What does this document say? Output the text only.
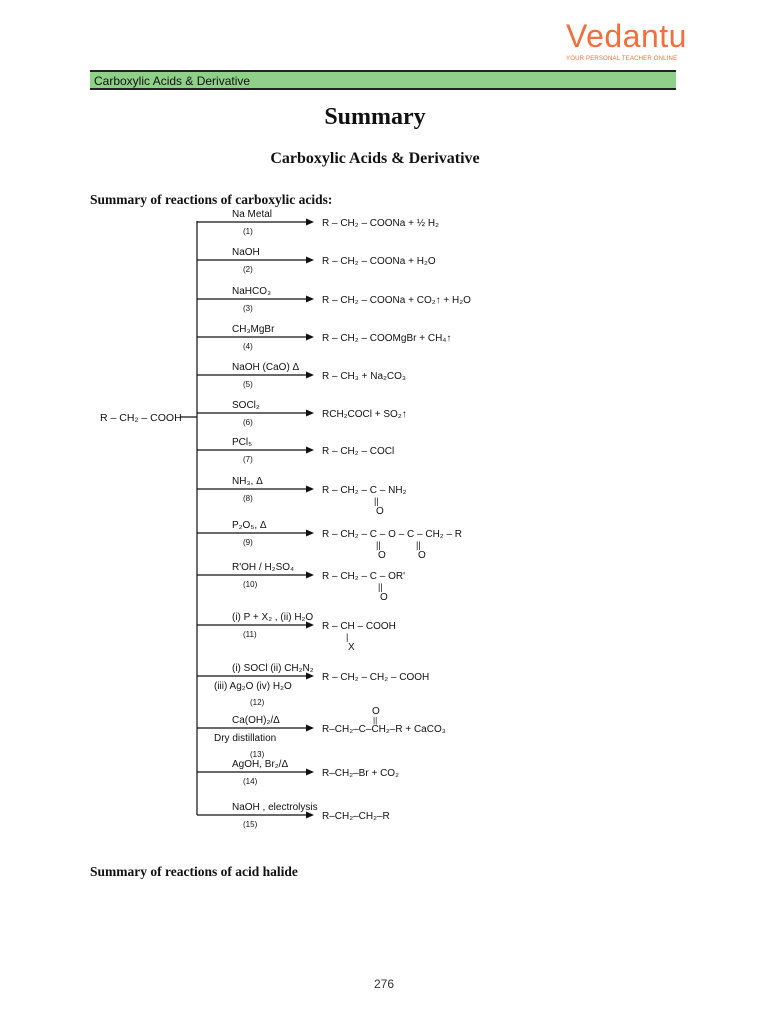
Vedantu
YOUR PERSONAL TEACHER ONLINE
Carboxylic Acids & Derivative
Summary
Carboxylic Acids & Derivative
Summary of reactions of carboxylic acids:
R – CH₂ – COOH
Na Metal
(1)
R – CH₂ – COONa + ½ H₂
NaOH
(2)
R – CH₂ – COONa + H₂O
NaHCO₃
(3)
R – CH₂ – COONa + CO₂↑ + H₂O
CH₃MgBr
(4)
R – CH₂ – COOMgBr + CH₄↑
NaOH (CaO) Δ
(5)
R – CH₃ + Na₂CO₃
SOCl₂
(6)
RCH₂COCl + SO₂↑
PCl₅
(7)
R – CH₂ – COCl
NH₃, Δ
(8)
R – CH₂ – C – NH₂
||
O
P₂O₅, Δ
(9)
R – CH₂ – C – O – C – CH₂ – R
||
O
||
O
R'OH / H₂SO₄
(10)
R – CH₂ – C – OR'
||
O
(i) P + X₂ , (ii) H₂O
(11)
R – CH – COOH
|
X
(i) SOCl (ii) CH₂N₂
(iii) Ag₂O (iv) H₂O
(12)
R – CH₂ – CH₂ – COOH
Ca(OH)₂/Δ
Dry distillation
(13)
R–CH₂–C–CH₂–R + CaCO₃
O
||
AgOH, Br₂/Δ
(14)
R–CH₂–Br + CO₂
NaOH , electrolysis
(15)
R–CH₂–CH₂–R
Summary of reactions of acid halide
276
